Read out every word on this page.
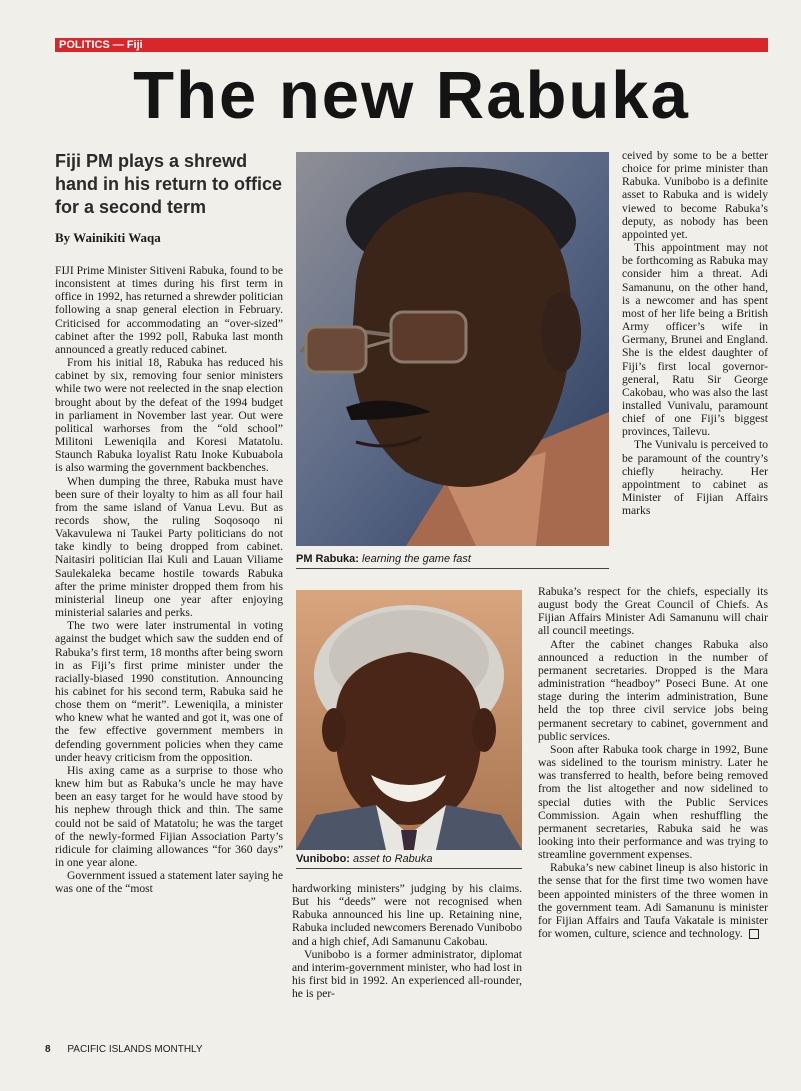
POLITICS — Fiji
The new Rabuka
Fiji PM plays a shrewd hand in his return to office for a second term
By Wainikiti Waqa

FIJI Prime Minister Sitiveni Rabuka, found to be inconsistent at times during his first term in office in 1992, has returned a shrewder politician following a snap general election in February. Criticised for accommodating an “over-sized” cabinet after the 1992 poll, Rabuka last month announced a greatly reduced cabinet.

From his initial 18, Rabuka has reduced his cabinet by six, removing four senior ministers while two were not reelected in the snap election brought about by the defeat of the 1994 budget in parliament in November last year. Out were political warhorses from the “old school” Militoni Leweniqila and Koresi Matatolu. Staunch Rabuka loyalist Ratu Inoke Kubuabola is also warming the government backbenches.

When dumping the three, Rabuka must have been sure of their loyalty to him as all four hail from the same island of Vanua Levu. But as records show, the ruling Soqosoqo ni Vakavulewa ni Taukei Party politicians do not take kindly to being dropped from cabinet. Naitasiri politician Ilai Kuli and Lauan Viliame Saulekaleka became hostile towards Rabuka after the prime minister dropped them from his ministerial lineup one year after enjoying ministerial salaries and perks.

The two were later instrumental in voting against the budget which saw the sudden end of Rabuka’s first term, 18 months after being sworn in as Fiji’s first prime minister under the racially-biased 1990 constitution. Announcing his cabinet for his second term, Rabuka said he chose them on “merit”. Leweniqila, a minister who knew what he wanted and got it, was one of the few effective government members in defending government policies when they came under heavy criticism from the opposition.

His axing came as a surprise to those who knew him but as Rabuka’s uncle he may have been an easy target for he would have stood by his nephew through thick and thin. The same could not be said of Matatolu; he was the target of the newly-formed Fijian Association Party’s ridicule for claiming allowances “for 360 days” in one year alone.

Government issued a statement later saying he was one of the “most

PM Rabuka: learning the game fast
Vunibobo: asset to Rabuka

hardworking ministers” judging by his claims. But his “deeds” were not recognised when Rabuka announced his line up. Retaining nine, Rabuka included newcomers Berenado Vunibobo and a high chief, Adi Samanunu Cakobau.

Vunibobo is a former administrator, diplomat and interim-government minister, who had lost in his first bid in 1992. An experienced all-rounder, he is per-

ceived by some to be a better choice for prime minister than Rabuka. Vunibobo is a definite asset to Rabuka and is widely viewed to become Rabuka’s deputy, as nobody has been appointed yet.

This appointment may not be forthcoming as Rabuka may consider him a threat. Adi Samanunu, on the other hand, is a newcomer and has spent most of her life being a British Army officer’s wife in Germany, Brunei and England. She is the eldest daughter of Fiji’s first local governor-general, Ratu Sir George Cakobau, who was also the last installed Vunivalu, paramount chief of one Fiji’s biggest provinces, Tailevu.

The Vunivalu is perceived to be paramount of the country’s chiefly heirachy. Her appointment to cabinet as Minister of Fijian Affairs marks

Rabuka’s respect for the chiefs, especially its august body the Great Council of Chiefs. As Fijian Affairs Minister Adi Samanunu will chair all council meetings.

After the cabinet changes Rabuka also announced a reduction in the number of permanent secretaries. Dropped is the Mara administration “headboy” Poseci Bune. At one stage during the interim administration, Bune held the top three civil service jobs being permanent secretary to cabinet, government and public services.

Soon after Rabuka took charge in 1992, Bune was sidelined to the tourism ministry. Later he was transferred to health, before being removed from the list altogether and now sidelined to special duties with the Public Services Commission. Again when reshuffling the permanent secretaries, Rabuka said he was looking into their performance and was trying to streamline government expenses.

Rabuka’s new cabinet lineup is also historic in the sense that for the first time two women have been appointed ministers of the three women in the government team. Adi Samanunu is minister for Fijian Affairs and Taufa Vakatale is minister for women, culture, science and technology.

8 PACIFIC ISLANDS MONTHLY
